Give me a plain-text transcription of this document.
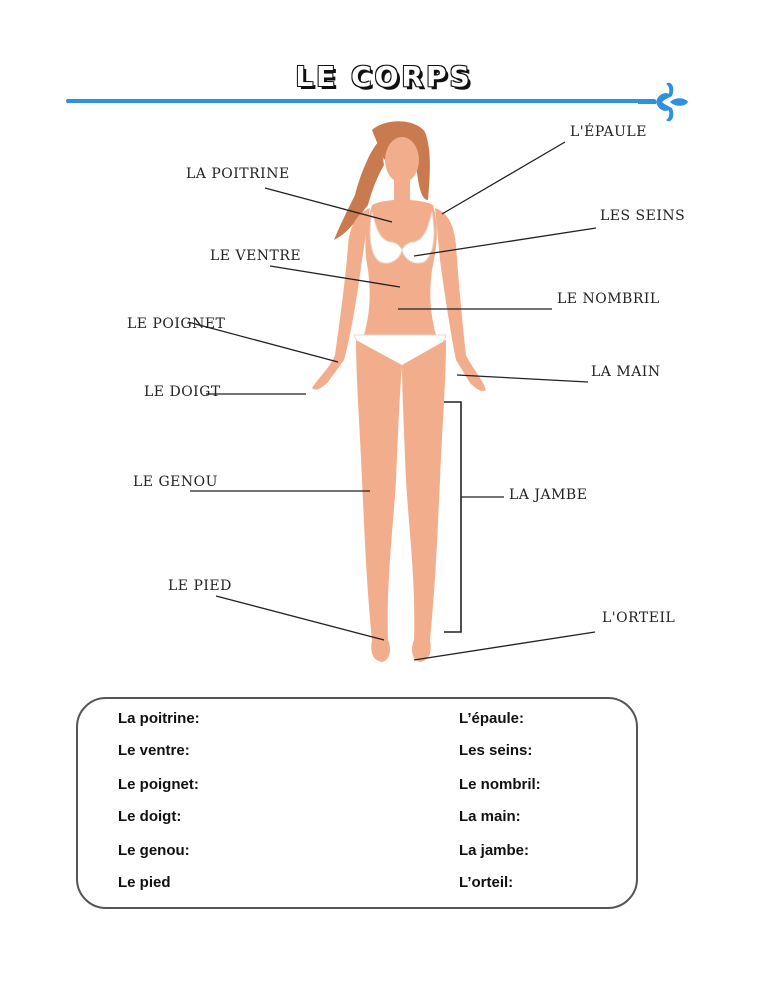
LE CORPS
LA POITRINE
L'ÉPAULE
LES SEINS
LE VENTRE
LE NOMBRIL
LE POIGNET
LA MAIN
LE DOIGT
LE GENOU
LA JAMBE
LE PIED
L'ORTEIL
La poitrine:
Le ventre:
Le poignet:
Le doigt:
Le genou:
Le pied
L’épaule:
Les seins:
Le nombril:
La main:
La jambe:
L’orteil:
